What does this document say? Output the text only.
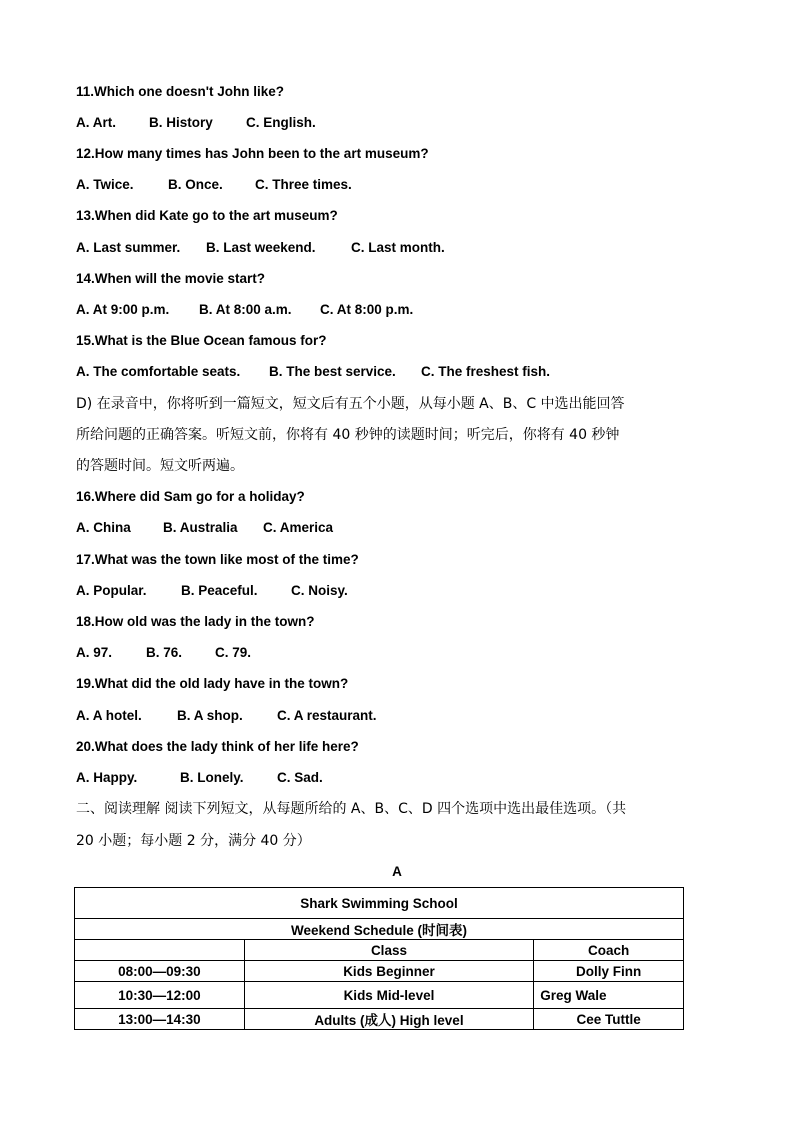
11.Which one doesn't John like?
A. Art. B. History C. English.
12.How many times has John been to the art museum?
A. Twice.	B. Once. C. Three times.
13.When did Kate go to the art museum?
A. Last summer. B. Last weekend.	C. Last month.
14.When will the movie start?
A. At 9:00 p.m. B. At 8:00 a.m. C. At 8:00 p.m.
15.What is the Blue Ocean famous for?
A. The comfortable seats. B. The best service. C. The freshest fish.
D) 在录音中，你将听到一篇短文，短文后有五个小题，从每小题 A、B、C 中选出能回答
所给问题的正确答案。听短文前，你将有 40 秒钟的读题时间；听完后，你将有 40 秒钟
的答题时间。短文听两遍。
16.Where did Sam go for a holiday?
A. China B. Australia C. America
17.What was the town like most of the time?
A. Popular.	B. Peaceful. C. Noisy.
18.How old was the lady in the town?
A. 97.	B. 76. C. 79.
19.What did the old lady have in the town?
A. A hotel.	B. A shop.	C. A restaurant.
20.What does the lady think of her life here?
A. Happy.	B. Lonely. C. Sad.
二、阅读理解 阅读下列短文，从每题所给的 A、B、C、D 四个选项中选出最佳选项。（共
20 小题；每小题 2 分，满分 40 分）
A
Shark Swimming School		
Weekend Schedule (时间表)		
	Class	Coach
08:00—09:30	Kids Beginner	Dolly Finn
10:30—12:00	Kids Mid-level	Greg Wale
13:00—14:30	Adults (成人) High level	Cee Tuttle
